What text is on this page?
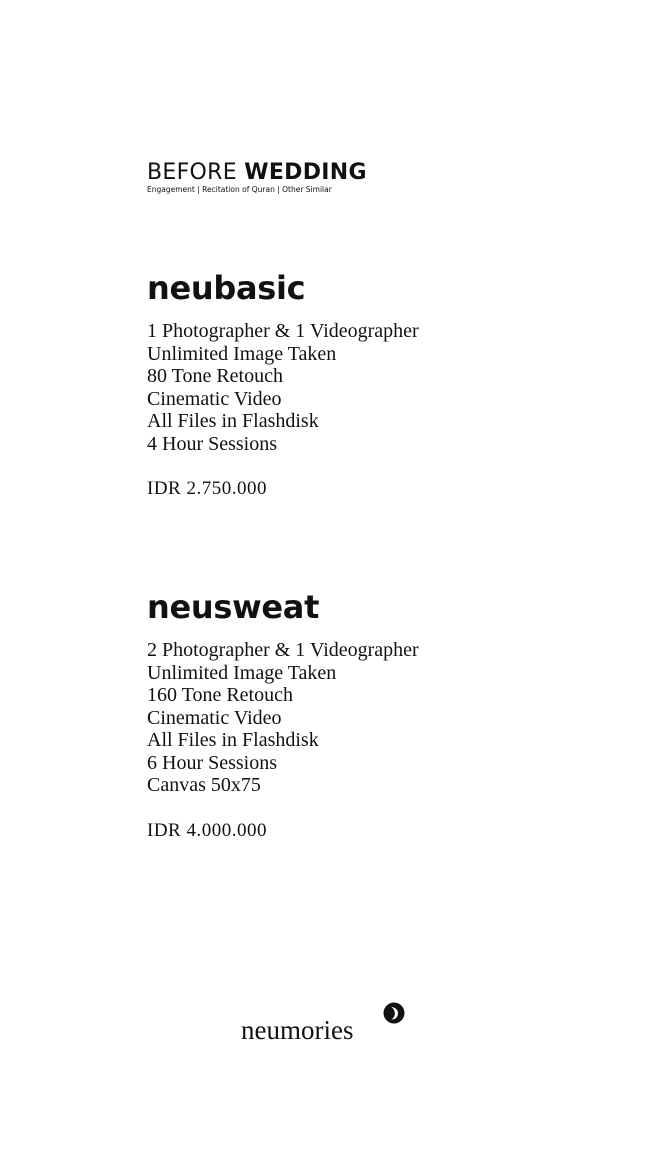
BEFORE WEDDING
Engagement | Recitation of Quran | Other Similar
neubasic
1 Photographer & 1 Videographer
Unlimited Image Taken
80 Tone Retouch
Cinematic Video
All Files in Flashdisk
4 Hour Sessions
IDR 2.750.000
neusweat
2 Photographer & 1 Videographer
Unlimited Image Taken
160 Tone Retouch
Cinematic Video
All Files in Flashdisk
6 Hour Sessions
Canvas 50x75
IDR 4.000.000
neumories
